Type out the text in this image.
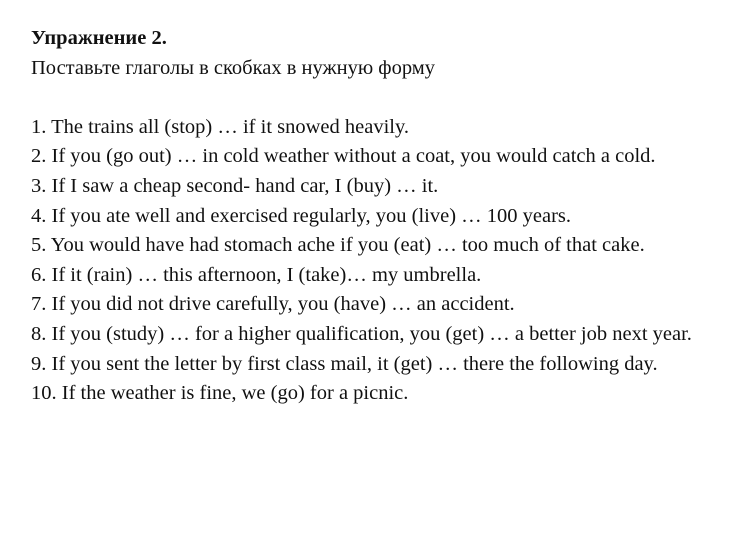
Упражнение 2.

Поставьте глаголы в скобках в нужную форму

1. The trains all (stop) … if it snowed heavily.
2. If you (go out) … in cold weather without a coat, you would catch a cold.
3. If I saw a cheap second- hand car, I (buy) … it.
4. If you ate well and exercised regularly, you (live) … 100 years.
5. You would have had stomach ache if you (eat) … too much of that cake.
6. If it (rain) … this afternoon, I (take)… my umbrella.
7. If you did not drive carefully, you (have) … an accident.
8. If you (study) … for a higher qualification, you (get) … a better job next year.
9. If you sent the letter by first class mail, it (get) … there the following day.
10. If the weather is fine, we (go) for a picnic.
